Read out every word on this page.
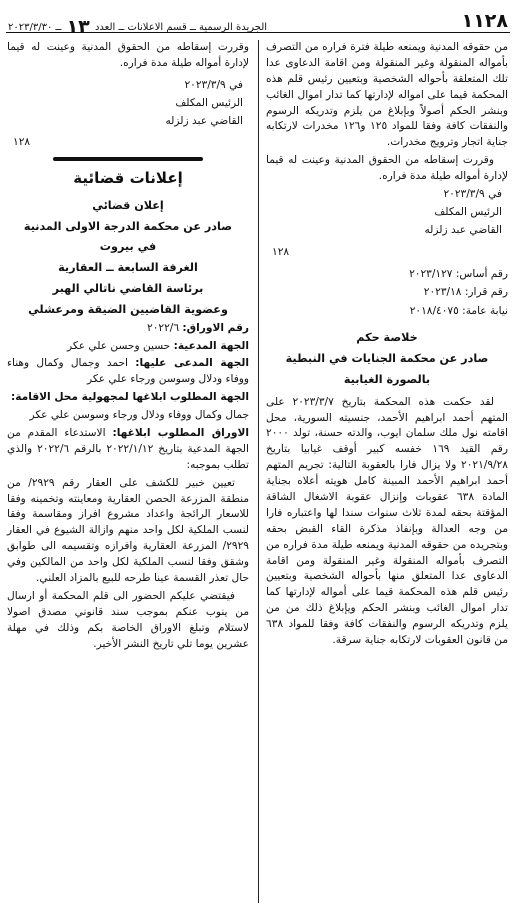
١١٢٨
الجريدة الرسمية ــ قسم الاعلانات ــ العدد ١٣ ــ ٢٠٢٣/٣/٣٠

من حقوقه المدنية ويمنعه طيلة فترة فراره من التصرف بأمواله المنقولة وغير المنقولة ومن اقامة الدعاوى عدا تلك المتعلقة بأحواله الشخصية وبتعيين رئيس قلم هذه المحكمة قيما على امواله لإدارتها كما تدار اموال الغائب وبنشر الحكم أصولاً وبإبلاغ من يلزم وتدريكه الرسوم والنفقات كافة وفقا للمواد ١٢٥ و١٢٦ مخدرات لارتكابه جناية اتجار وترويج مخدرات.

وقررت إسقاطه من الحقوق المدنية وعينت له قيما لإدارة أمواله طيلة مدة فراره.

في ٢٠٢٣/٣/٩
الرئيس المكلف
القاضي عبد زلزله
١٢٨
رقم أساس: ٢٠٢٣/١٢٧
رقم قرار: ٢٠٢٣/١٨
نيابة عامة: ٢٠١٨/٤٠٧٥
خلاصة حكم
صادر عن محكمة الجنايات في النبطية
بالصورة الغيابية

لقد حكمت هذه المحكمة بتاريخ ٢٠٢٣/٣/٧ على المتهم أحمد ابراهيم الأحمد، جنسيته السورية، محل اقامته نول ملك سلمان ايوب، والدته حسنة، تولد ٢٠٠٠ رقم القيد ١٦٩ خفسه كبير أوقف غيابيا بتاريخ ٢٠٢١/٩/٢٨ ولا يزال فارا بالعقوبة التالية: تجريم المتهم أحمد ابراهيم الأحمد المبينة كامل هويته أعلاه بجناية المادة ٦٣٨ عقوبات وإنزال عقوبة الاشغال الشاقة المؤقتة بحقه لمدة ثلاث سنوات سندا لها واعتباره فارا من وجه العدالة وبإنفاذ مذكرة القاء القبض بحقه وبتجريده من حقوقه المدنية ويمنعه طيلة مدة فراره من التصرف بأمواله المنقولة وغير المنقولة ومن اقامة الدعاوى عدا المتعلق منها بأحواله الشخصية وبتعيين رئيس قلم هذه المحكمة قيما على أمواله لإدارتها كما تدار اموال الغائب وبنشر الحكم ويإبلاغ ذلك من من يلزم وتدريكه الرسوم والنفقات كافة وفقا للمواد ٦٣٨ من قانون العقوبات لارتكابه جناية سرقة.

وقررت إسقاطه من الحقوق المدنية وعينت له قيما لإدارة أمواله طيلة مدة فراره.

في ٢٠٢٣/٣/٩
الرئيس المكلف
القاضي عبد زلزله
١٢٨
إعلانات قضائية
إعلان قضائي
صادر عن محكمة الدرجة الاولى المدنية
في بيروت
الغرفة السابعة ــ العقارية
برئاسة القاضي ناتالي الهبر
وعضوية القاضيين الضيقة ومرعشلي

رقم الاوراق: ٢٠٢٢/٦

الجهة المدعية: حسين وحسن علي عكر

الجهة المدعى عليها: احمد وجمال وكمال وهناء ووفاء ودلال وسوسن ورجاء علي عكر

الجهة المطلوب ابلاغها لمجهولية محل الاقامة:

جمال وكمال ووفاء ودلال ورجاء وسوسن علي عكر

الاوراق المطلوب ابلاغها: الاستدعاء المقدم من الجهة المدعية بتاريخ ٢٠٢٢/١/١٢ بالرقم ٢٠٢٢/٦ والذي تطلب بموجبه:

تعيين خبير للكشف على العقار رقم ٢٩٢٩/ من منطقة المزرعة الحصن العقارية ومعاينته وتخمينه وفقا للاسعار الرائجة واعداد مشروع افراز ومقاسمة وفقا لنسب الملكية لكل واحد منهم وازالة الشيوع في العقار ٢٩٢٩/ المزرعة العقارية وافرازه وتقسيمه الى طوابق وشقق وفقا لنسب الملكية لكل واحد من المالكين وفي حال تعذر القسمة عينا طرحه للبيع بالمزاد العلني.

فيقتضي عليكم الحضور الى قلم المحكمة أو ارسال من ينوب عنكم بموجب سند قانوني مصدق اصولا لاستلام وتبلغ الاوراق الخاصة بكم وذلك في مهلة عشرين يوما تلي تاريخ النشر الأخير.
